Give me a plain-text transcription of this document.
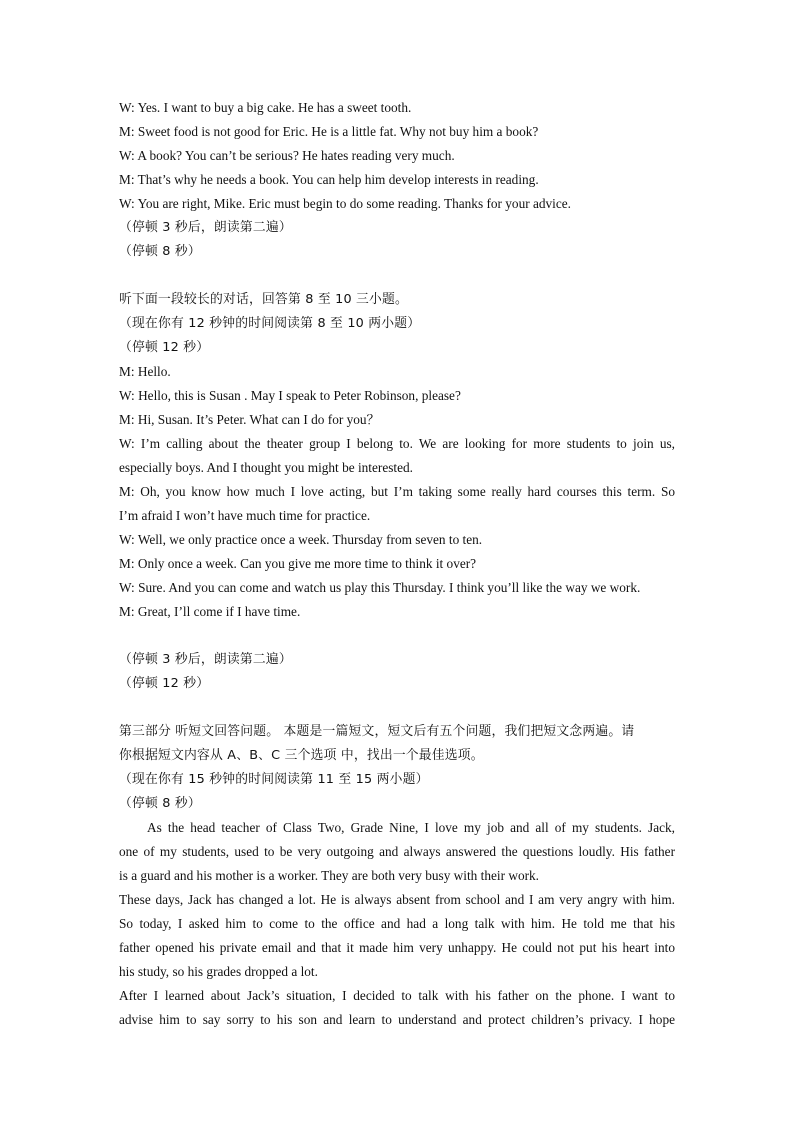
W: Yes. I want to buy a big cake. He has a sweet tooth.
M: Sweet food is not good for Eric. He is a little fat. Why not buy him a book?
W: A book? You can’t be serious? He hates reading very much.
M: That’s why he needs a book. You can help him develop interests in reading.
W: You are right, Mike. Eric must begin to do some reading. Thanks for your advice.
（停顿 3 秒后，朗读第二遍）
（停顿 8 秒）
听下面一段较长的对话，回答第 8 至 10 三小题。
（现在你有 12 秒钟的时间阅读第 8 至 10 两小题）
（停顿 12 秒）
M: Hello.
W: Hello, this is Susan . May I speak to Peter Robinson, please?
M: Hi, Susan. It’s Peter. What can I do for you？
W: I’m calling about the theater group I belong to. We are looking for more students to join us,
especially boys. And I thought you might be interested.
M: Oh, you know how much I love acting, but I’m taking some really hard courses this term. So
I’m afraid I won’t have much time for practice.
W: Well, we only practice once a week. Thursday from seven to ten.
M: Only once a week. Can you give me more time to think it over?
W: Sure. And you can come and watch us play this Thursday. I think you’ll like the way we work.
M: Great, I’ll come if I have time.
（停顿 3 秒后，朗读第二遍）
（停顿 12 秒）
第三部分 听短文回答问题。 本题是一篇短文，短文后有五个问题，我们把短文念两遍。请
你根据短文内容从 A、B、C 三个选项 中，找出一个最佳选项。
（现在你有 15 秒钟的时间阅读第 11 至 15 两小题）
（停顿 8 秒）
As the head teacher of Class Two, Grade Nine, I love my job and all of my students. Jack,
one of my students, used to be very outgoing and always answered the questions loudly. His father
is a guard and his mother is a worker. They are both very busy with their work.
These days, Jack has changed a lot. He is always absent from school and I am very angry with him.
So today, I asked him to come to the office and had a long talk with him. He told me that his
father opened his private email and that it made him very unhappy. He could not put his heart into
his study, so his grades dropped a lot.
After I learned about Jack’s situation, I decided to talk with his father on the phone. I want to
advise him to say sorry to his son and learn to understand and protect children’s privacy. I hope
